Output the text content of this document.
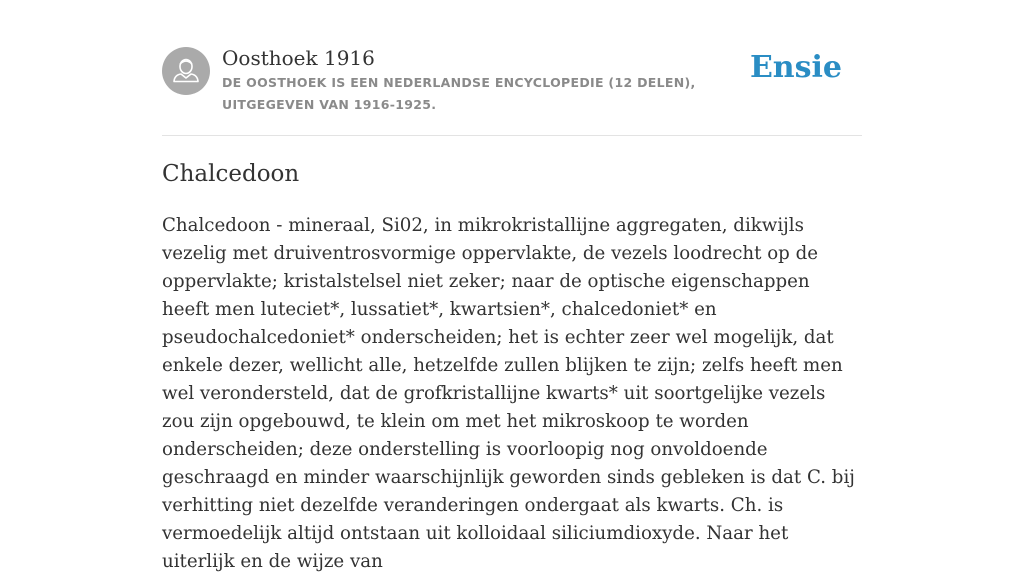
Oosthoek 1916
DE OOSTHOEK IS EEN NEDERLANDSE ENCYCLOPEDIE (12 DELEN), UITGEGEVEN VAN 1916-1925.
Ensie
Chalcedoon

Chalcedoon - mineraal, Si02, in mikrokristallijne aggregaten, dikwijls vezelig met druiventrosvormige oppervlakte, de vezels loodrecht op de oppervlakte; kristalstelsel niet zeker; naar de optische eigenschappen heeft men luteciet*, lussatiet*, kwartsien*, chalcedoniet* en pseudochalcedoniet* onderscheiden; het is echter zeer wel mogelijk, dat enkele dezer, wellicht alle, hetzelfde zullen blijken te zijn; zelfs heeft men wel verondersteld, dat de grofkristallijne kwarts* uit soortgelijke vezels zou zijn opgebouwd, te klein om met het mikroskoop te worden onderscheiden; deze onderstelling is voorloopig nog onvoldoende geschraagd en minder waarschijnlijk geworden sinds gebleken is dat C. bij verhitting niet dezelfde veranderingen ondergaat als kwarts. Ch. is vermoedelijk altijd ontstaan uit kolloidaal siliciumdioxyde. Naar het uiterlijk en de wijze van
